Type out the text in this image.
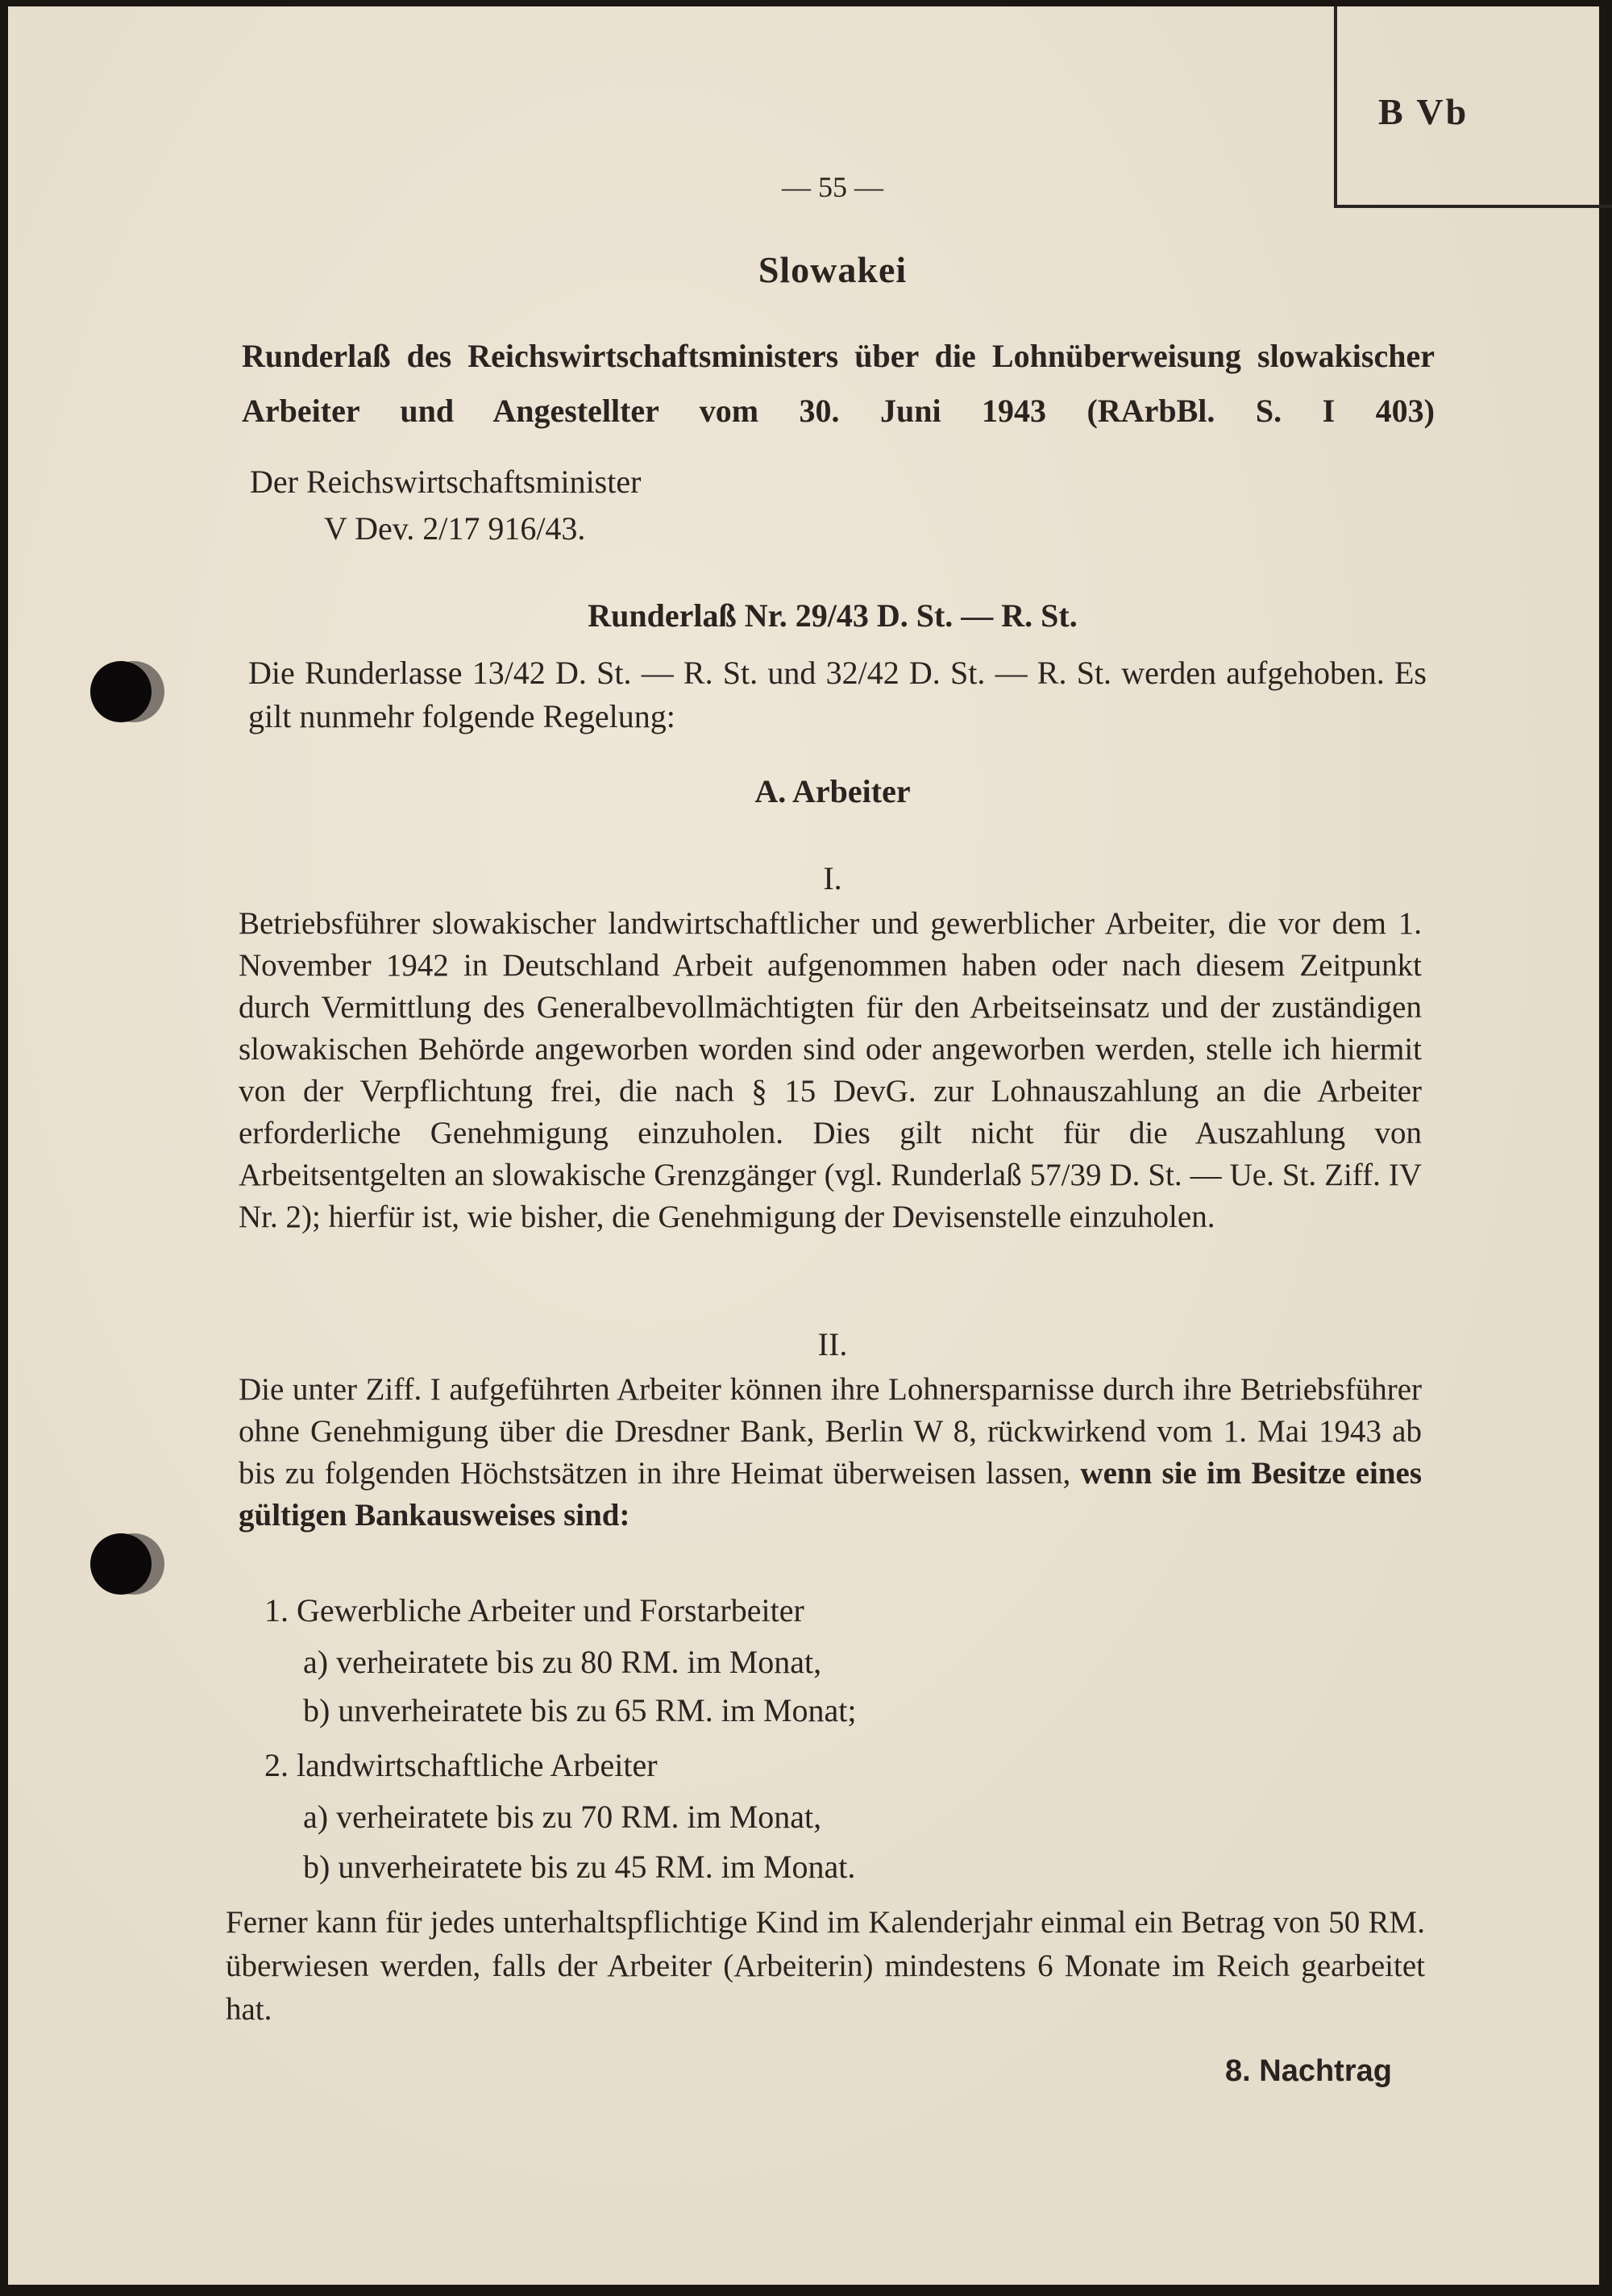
B Vb
— 55 —
Slowakei
Runderlaß des Reichswirtschaftsministers über die Lohnüberweisung slowakischer Arbeiter und Angestellter vom 30. Juni 1943 (RArbBl. S. I 403)
Der Reichswirtschaftsminister
V Dev. 2/17 916/43.
Runderlaß Nr. 29/43 D. St. — R. St.
Die Runderlasse 13/42 D. St. — R. St. und 32/42 D. St. — R. St. werden aufgehoben. Es gilt nunmehr folgende Regelung:
A. Arbeiter
I.
Betriebsführer slowakischer landwirtschaftlicher und gewerblicher Arbeiter, die vor dem 1. November 1942 in Deutschland Arbeit aufgenommen haben oder nach diesem Zeitpunkt durch Vermittlung des Generalbevollmächtigten für den Arbeitseinsatz und der zuständigen slowakischen Behörde angeworben worden sind oder angeworben werden, stelle ich hiermit von der Verpflichtung frei, die nach § 15 DevG. zur Lohnauszahlung an die Arbeiter erforderliche Genehmigung einzuholen. Dies gilt nicht für die Auszahlung von Arbeitsentgelten an slowakische Grenzgänger (vgl. Runderlaß 57/39 D. St. — Ue. St. Ziff. IV Nr. 2); hierfür ist, wie bisher, die Genehmigung der Devisenstelle einzuholen.
II.
Die unter Ziff. I aufgeführten Arbeiter können ihre Lohnersparnisse durch ihre Betriebsführer ohne Genehmigung über die Dresdner Bank, Berlin W 8, rückwirkend vom 1. Mai 1943 ab bis zu folgenden Höchstsätzen in ihre Heimat überweisen lassen, wenn sie im Besitze eines gültigen Bankausweises sind:
1. Gewerbliche Arbeiter und Forstarbeiter
a) verheiratete bis zu 80 RM. im Monat,
b) unverheiratete bis zu 65 RM. im Monat;
2. landwirtschaftliche Arbeiter
a) verheiratete bis zu 70 RM. im Monat,
b) unverheiratete bis zu 45 RM. im Monat.
Ferner kann für jedes unterhaltspflichtige Kind im Kalenderjahr einmal ein Betrag von 50 RM. überwiesen werden, falls der Arbeiter (Arbeiterin) mindestens 6 Monate im Reich gearbeitet hat.
8. Nachtrag
